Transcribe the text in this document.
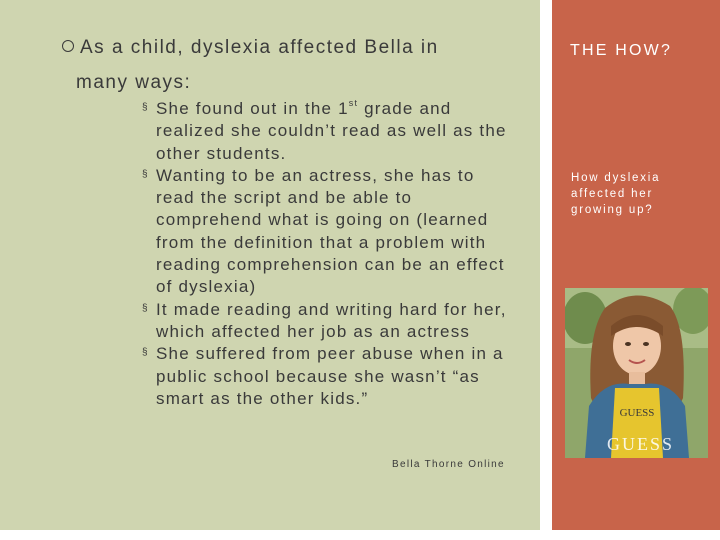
As a child, dyslexia affected Bella in
many ways:
§ She found out in the 1st grade and realized she couldn’t read as well as the other students.
§ Wanting to be an actress, she has to read the script and be able to comprehend what is going on (learned from the definition that a problem with reading comprehension can be an effect of dyslexia)
§ It made reading and writing hard for her, which affected her job as an actress
§ She suffered from peer abuse when in a public school because she wasn’t “as smart as the other kids.”
Bella Thorne Online
THE HOW?
How dyslexia affected her growing up?
GUESS
GUESS
